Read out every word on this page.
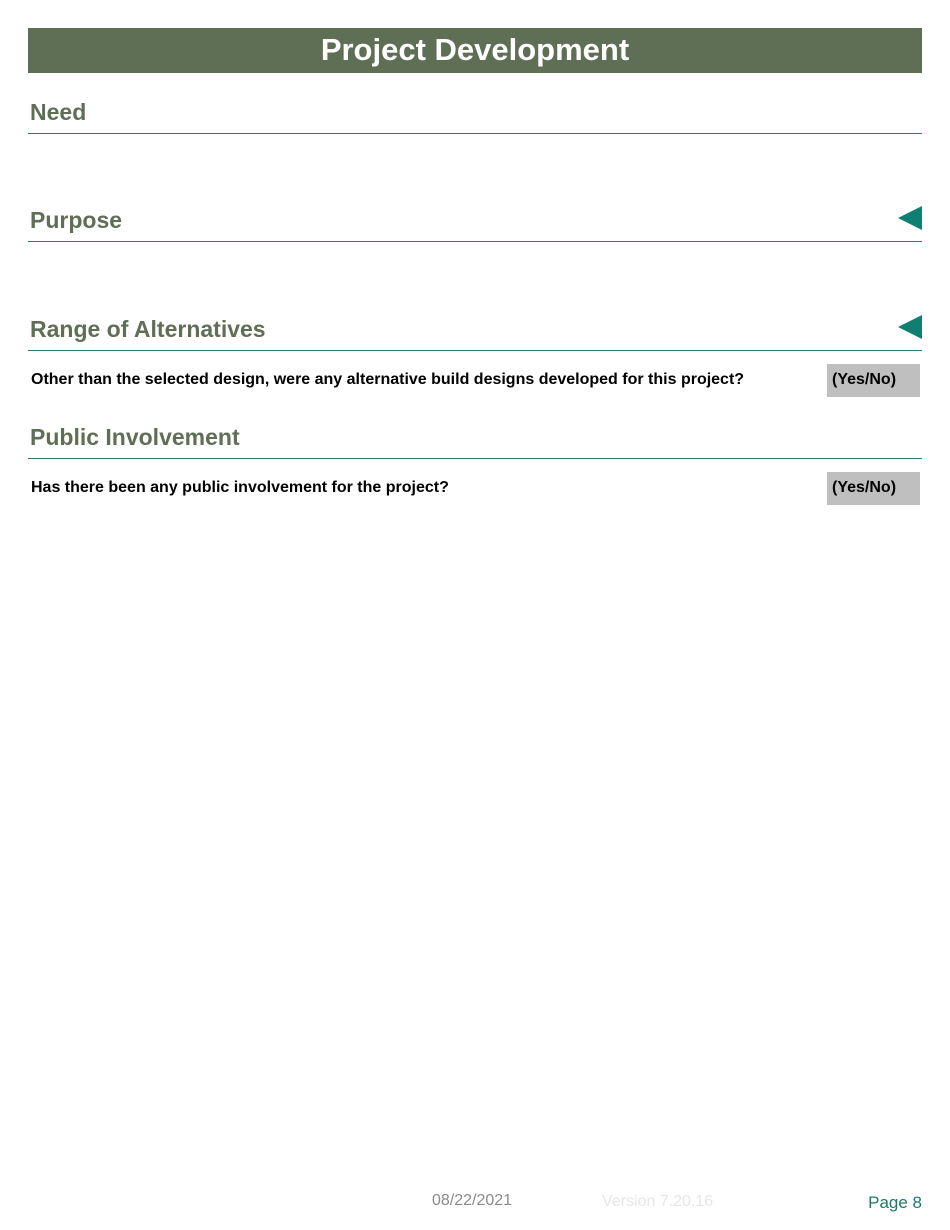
Project Development
Need
Purpose
Range of Alternatives
Other than the selected design, were any alternative build designs developed for this project?	(Yes/No)
Public Involvement
Has there been any public involvement for the project?	(Yes/No)
08/22/2021	Version 7.20.16	Page 8
